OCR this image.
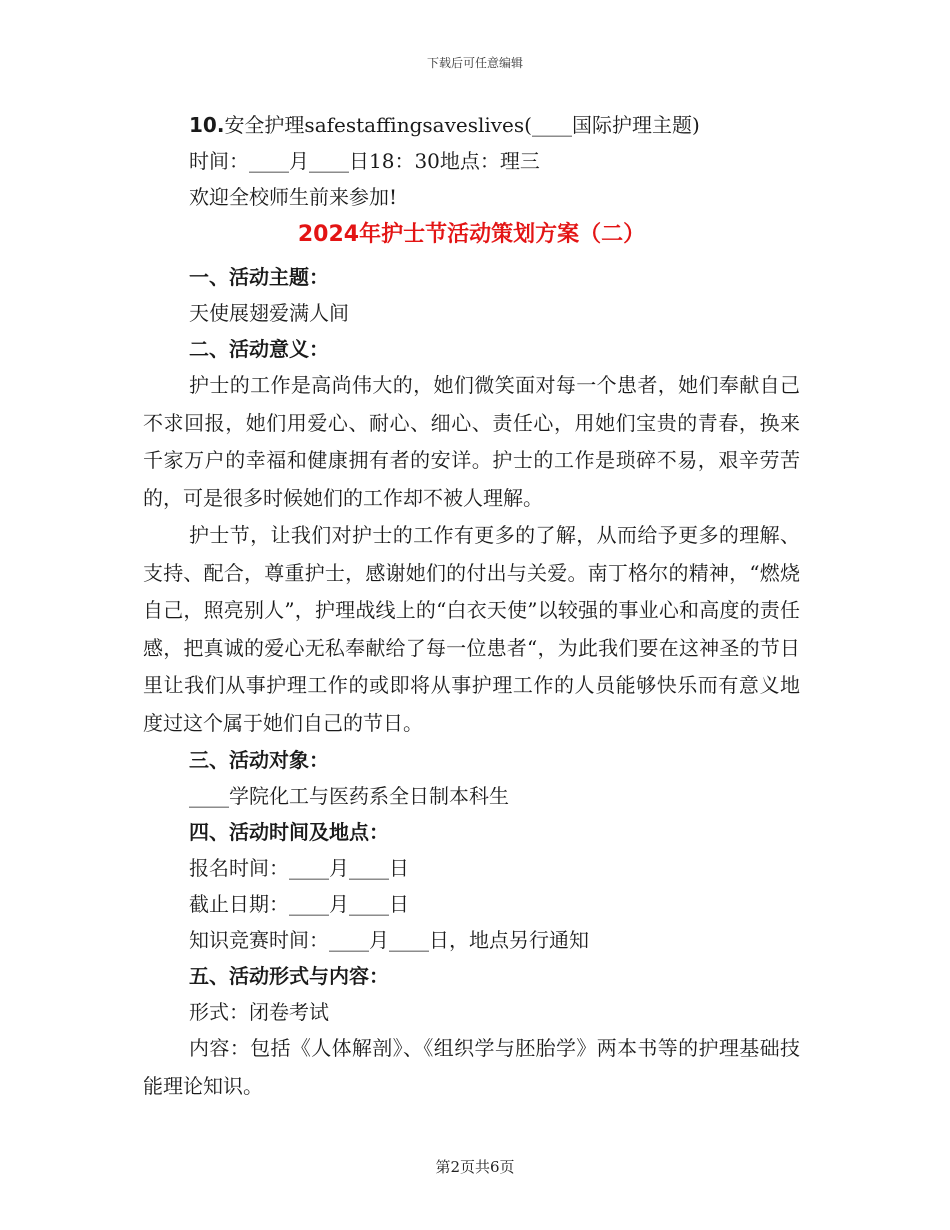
下载后可任意编辑
10.安全护理safestaffingsaveslives(____国际护理主题)
时间：____月____日18：30地点：理三
欢迎全校师生前来参加!
2024年护士节活动策划方案（二）
一、活动主题：
天使展翅爱满人间
二、活动意义：

护士的工作是高尚伟大的，她们微笑面对每一个患者，她们奉献自己不求回报，她们用爱心、耐心、细心、责任心，用她们宝贵的青春，换来千家万户的幸福和健康拥有者的安详。护士的工作是琐碎不易，艰辛劳苦的，可是很多时候她们的工作却不被人理解。

护士节，让我们对护士的工作有更多的了解，从而给予更多的理解、支持、配合，尊重护士，感谢她们的付出与关爱。南丁格尔的精神，“燃烧自己，照亮别人”，护理战线上的“白衣天使”以较强的事业心和高度的责任感，把真诚的爱心无私奉献给了每一位患者“，为此我们要在这神圣的节日里让我们从事护理工作的或即将从事护理工作的人员能够快乐而有意义地度过这个属于她们自己的节日。

三、活动对象：
____学院化工与医药系全日制本科生
四、活动时间及地点：
报名时间：____月____日
截止日期：____月____日
知识竞赛时间：____月____日，地点另行通知
五、活动形式与内容：
形式：闭卷考试

内容：包括《人体解剖》、《组织学与胚胎学》两本书等的护理基础技能理论知识。

第2页共6页
